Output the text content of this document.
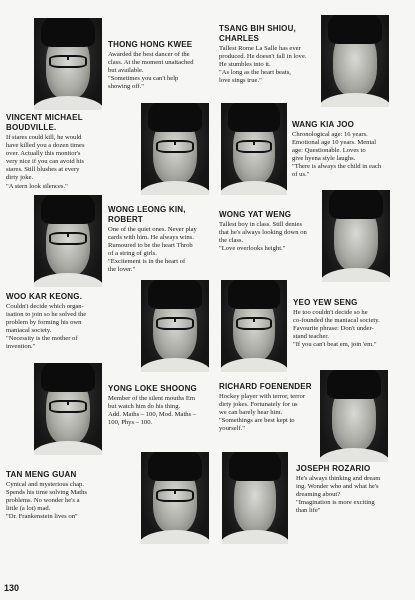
THONG HONG KWEE
Awarded the best dancer of the
class. At the moment unattached
but available.
"Sometimes you can't help
showing off."
TSANG BIH SHIOU,
CHARLES
Tallest Rome La Salle has ever
produced. He doesn't fall in love.
He stumbles into it.
"As long as the heart beats,
love sings true."
VINCENT MICHAEL
BOUDVILLE.
If stares could kill, he would
have killed you a dozen times
over. Actually this monitor's
very nice if you can avoid his
stares. Still blushes at every
dirty joke.
"A stern look silences."
WANG KIA JOO
Chronological age: 16 years.
Emotional age 10 years. Mental
age: Questionable. Loves to
give hyena style laughs.
"There is always the child in each
of us."
WONG LEONG KIN,
ROBERT
One of the quiet ones. Never play
cards with him. He always wins.
Rumoured to be the heart Throb
of a string of girls.
"Excitement is in the heart of
the lover."
WONG YAT WENG
Tallest boy in class. Still denies
that he's always looking down on
the class.
"Love overlooks height."
WOO KAR KEONG.
Couldn't decide which organ-
isation to join so he solved the
problem by forming his own
maniacal society.
"Necessity is the mother of
invention."
YEO YEW SENG
He too couldn't decide so he
co-founded the maniacal society.
Favourite phrase: Don't under-
stand teacher.
"If you can't beat em, join 'em."
YONG LOKE SHOONG
Member of the silent mouths Em
but watch him do his thing.
Add. Maths – 100, Mod. Maths –
100, Phys – 100.
RICHARD FOENENDER
Hockey player with terror, terror
dirty jokes. Fortunately for us
we can barely hear him.
"Somethings are best kept to
yourself."
TAN MENG GUAN
Cynical and mysterious chap.
Spends his time solving Maths
problems. No wonder he's a
little (a lot) mad.
"Dr. Frankenstein lives on"
JOSEPH ROZARIO
He's always thinking and dream
ing. Wonder who and what he's
dreaming about?
"Imagination is more exciting
than life"
130
